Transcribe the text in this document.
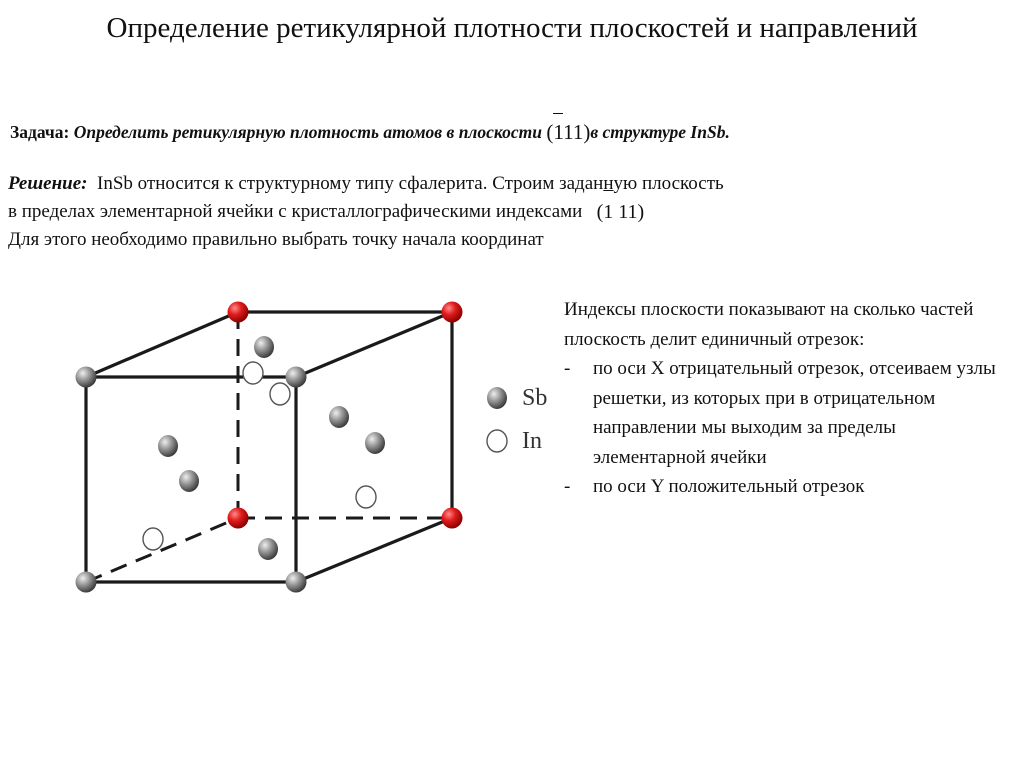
Определение ретикулярной плотности плоскостей и направлений
Задача: Определить ретикулярную плотность атомов в плоскости (111)
в структуре InSb.
Решение: InSb относится к структурному типу сфалерита. Строим заданную плоскость
в пределах элементарной ячейки с кристаллографическими индексами (1 11)
Для этого необходимо правильно выбрать точку начала координат
Sb
In
Индексы плоскости показывают на сколько частей плоскость делит единичный отрезок:
- по оси X отрицательный отрезок, отсеиваем узлы решетки, из которых при в отрицательном направлении мы выходим за пределы элементарной ячейки
- по оси Y положительный отрезок
